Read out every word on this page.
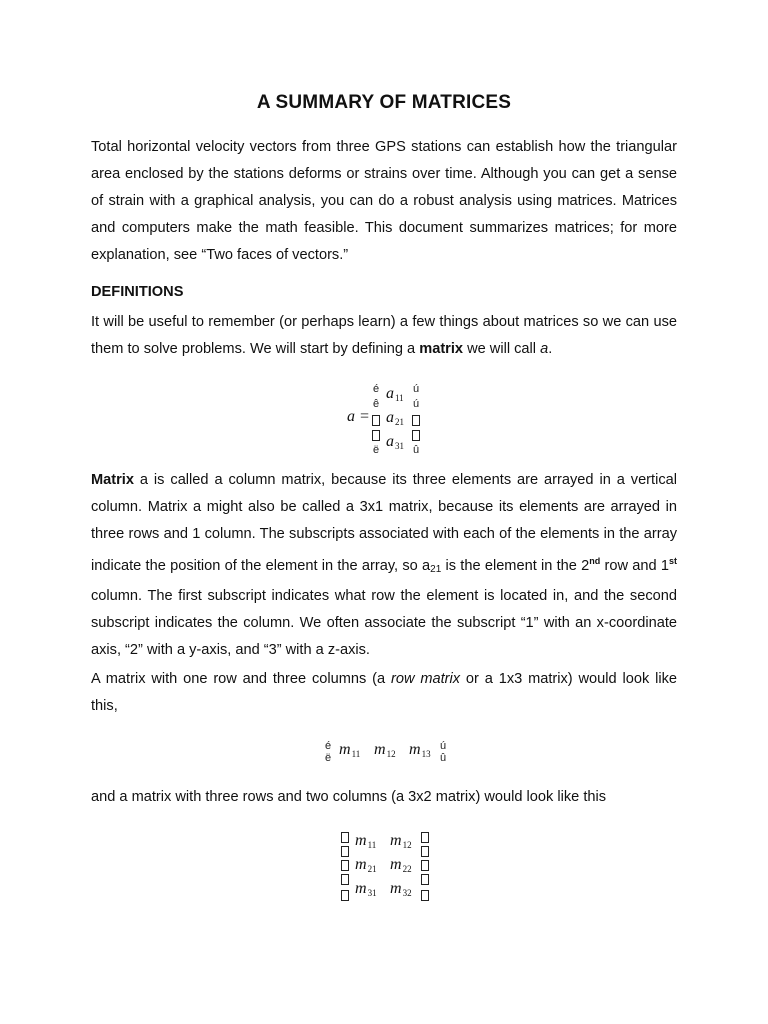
A SUMMARY OF MATRICES

Total horizontal velocity vectors from three GPS stations can establish how the triangular area enclosed by the stations deforms or strains over time. Although you can get a sense of strain with a graphical analysis, you can do a robust analysis using matrices. Matrices and computers make the math feasible. This document summarizes matrices; for more explanation, see “Two faces of vectors.”

DEFINITIONS

It will be useful to remember (or perhaps learn) a few things about matrices so we can use them to solve problems. We will start by defining a matrix we will call a.

é
ê
ë
ú
ú
û
a =
$a_{11}$
$a_{21}$
$a_{31}$

Matrix a is called a column matrix, because its three elements are arrayed in a vertical column. Matrix a might also be called a 3x1 matrix, because its elements are arrayed in three rows and 1 column. The subscripts associated with each of the elements in the array indicate the position of the element in the array, so a21 is the element in the 2nd row and 1st column. The first subscript indicates what row the element is located in, and the second subscript indicates the column. We often associate the subscript “1” with an x-coordinate axis, “2” with a y-axis, and “3” with a z-axis.

A matrix with one row and three columns (a row matrix or a 1x3 matrix) would look like this,

é
ë $m_{11}$ $m_{12}$ $m_{13}$
ú
û

and a matrix with three rows and two columns (a 3x2 matrix) would look like this

$m_{11}$ $m_{12}$
$m_{21}$ $m_{22}$
$m_{31}$ $m_{32}$
